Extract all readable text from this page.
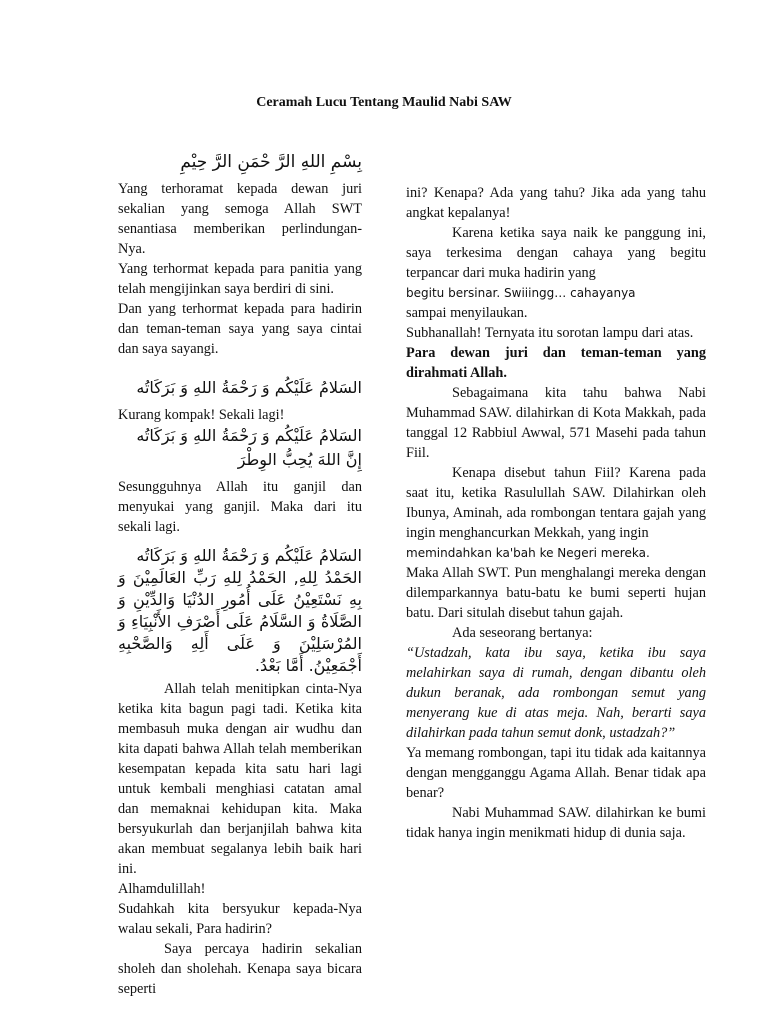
Ceramah Lucu Tentang Maulid Nabi SAW
بِسْمِ اللهِ الرَّ حْمَنِ الرَّ حِيْمِ

Yang terhoramat kepada dewan juri sekalian yang semoga Allah SWT senantiasa memberikan perlindungan-Nya.

Yang terhormat kepada para panitia yang telah mengijinkan saya berdiri di sini.

Dan yang terhormat kepada para hadirin dan teman-teman saya yang saya cintai dan saya sayangi.

السَلامُ عَلَيْكُم وَ رَحْمَةُ اللهِ وَ بَرَكَاتُه

Kurang kompak! Sekali lagi!

السَلامُ عَلَيْكُم وَ رَحْمَةُ اللهِ وَ بَرَكَاتُه
إِنَّ اللهَ يُحِبُّ الوِطْرَ

Sesungguhnya Allah itu ganjil dan menyukai yang ganjil. Maka dari itu sekali lagi.

السَلامُ عَلَيْكُم وَ رَحْمَةُ اللهِ وَ بَرَكَاتُه
الحَمْدُ لِلهِ, الحَمْدُ لِلهِ رَبِّ العَالَمِيْنَ وَ بِهِ نَسْتَعِيْنُ عَلَى أُمُورِ الدُنْيَا وَالدِّيْنِ وَ الصَّلَاةُ وَ السَّلَامُ عَلَى أَصْرَفِ الأَنْبِيَاءِ وَ المُرْسَلِيْنَ وَ عَلَى أَلِهِ وَالصَّحْبِهِ أَجْمَعِيْنُ. أَمَّا بَعْدُ.

Allah telah menitipkan cinta-Nya ketika kita bagun pagi tadi. Ketika kita membasuh muka dengan air wudhu dan kita dapati bahwa Allah telah memberikan kesempatan kepada kita satu hari lagi untuk kembali menghiasi catatan amal dan memaknai kehidupan kita. Maka bersyukurlah dan berjanjilah bahwa kita akan membuat segalanya lebih baik hari ini.

Alhamdulillah!

Sudahkah kita bersyukur kepada-Nya walau sekali, Para hadirin?

Saya percaya hadirin sekalian sholeh dan sholehah. Kenapa saya bicara seperti

ini? Kenapa? Ada yang tahu? Jika ada yang tahu angkat kepalanya!

Karena ketika saya naik ke panggung ini, saya terkesima dengan cahaya yang begitu terpancar dari muka hadirin yang

begitu bersinar. Swiiingg… cahayanya

sampai menyilaukan.

Subhanallah! Ternyata itu sorotan lampu dari atas.

Para dewan juri dan teman-teman yang dirahmati Allah.

Sebagaimana kita tahu bahwa Nabi Muhammad SAW. dilahirkan di Kota Makkah, pada tanggal 12 Rabbiul Awwal, 571 Masehi pada tahun Fiil.

Kenapa disebut tahun Fiil? Karena pada saat itu, ketika Rasulullah SAW. Dilahirkan oleh Ibunya, Aminah, ada rombongan tentara gajah yang ingin menghancurkan Mekkah, yang ingin

memindahkan ka'bah ke Negeri mereka.

Maka Allah SWT. Pun menghalangi mereka dengan dilemparkannya batu-batu ke bumi seperti hujan batu. Dari situlah disebut tahun gajah.

Ada seseorang bertanya:

“Ustadzah, kata ibu saya, ketika ibu saya melahirkan saya di rumah, dengan dibantu oleh dukun beranak, ada rombongan semut yang menyerang kue di atas meja. Nah, berarti saya dilahirkan pada tahun semut donk, ustadzah?”

Ya memang rombongan, tapi itu tidak ada kaitannya dengan mengganggu Agama Allah. Benar tidak apa benar?

Nabi Muhammad SAW. dilahirkan ke bumi tidak hanya ingin menikmati hidup di dunia saja.
